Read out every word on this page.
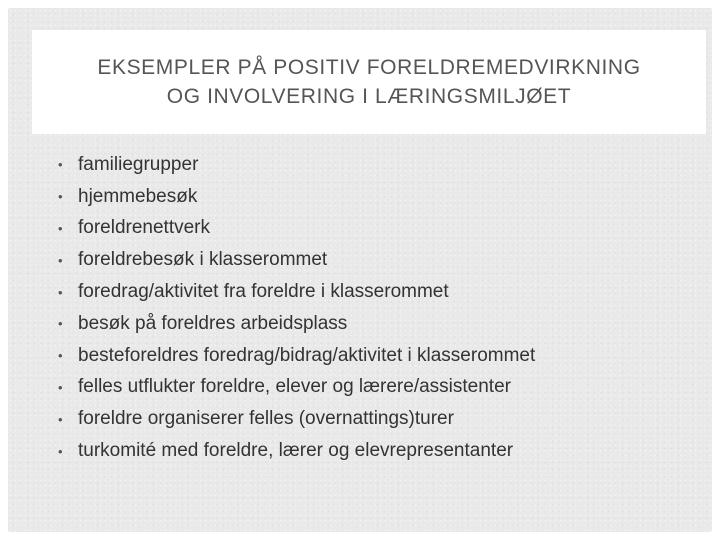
EKSEMPLER PÅ POSITIV FORELDREMEDVIRKNING
OG INVOLVERING I LÆRINGSMILJØET
• familiegrupper
• hjemmebesøk
• foreldrenettverk
• foreldrebesøk i klasserommet
• foredrag/aktivitet fra foreldre i klasserommet
• besøk på foreldres arbeidsplass
• besteforeldres foredrag/bidrag/aktivitet i klasserommet
• felles utflukter foreldre, elever og lærere/assistenter
• foreldre organiserer felles (overnattings)turer
• turkomité med foreldre, lærer og elevrepresentanter
